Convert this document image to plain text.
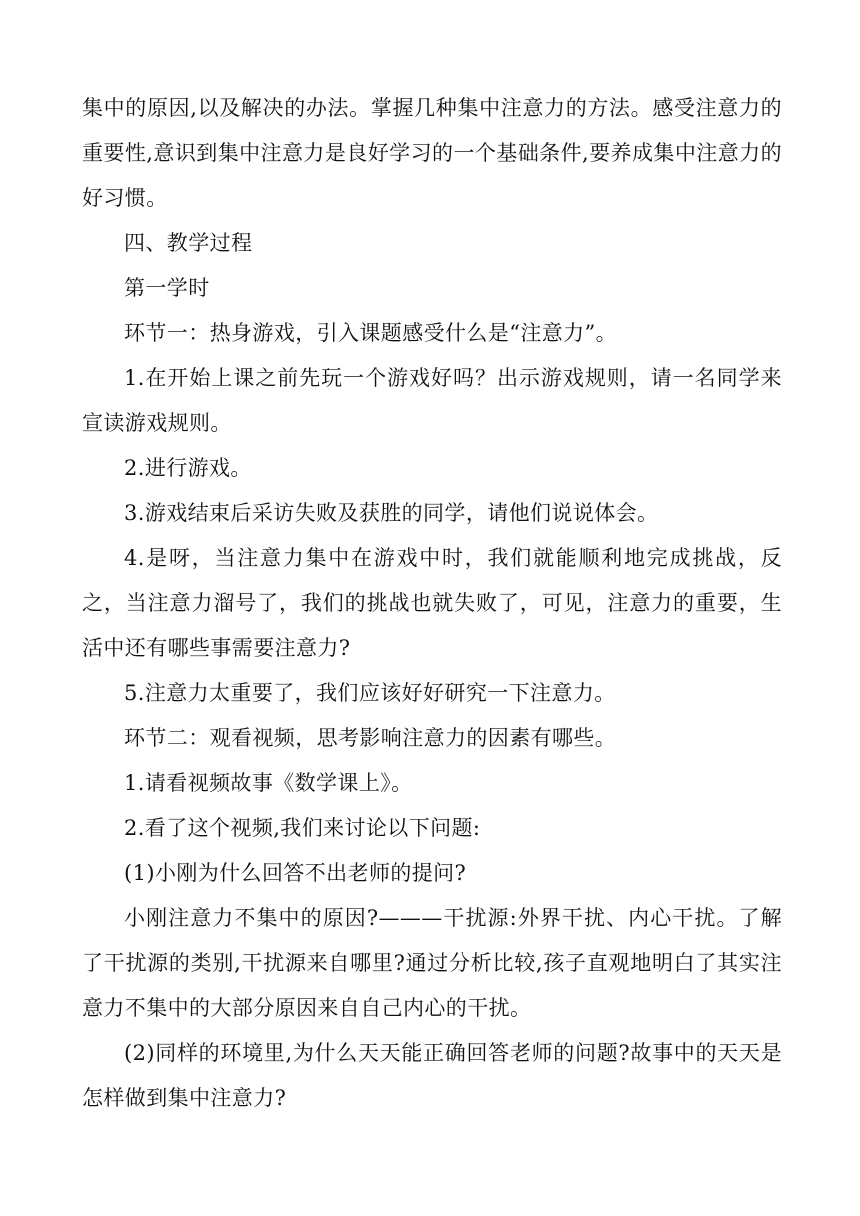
集中的原因,以及解决的办法。掌握几种集中注意力的方法。感受注意力的重要性,意识到集中注意力是良好学习的一个基础条件,要养成集中注意力的好习惯。

四、教学过程

第一学时

环节一：热身游戏，引入课题感受什么是“注意力”。

1.在开始上课之前先玩一个游戏好吗？出示游戏规则，请一名同学来宣读游戏规则。

2.进行游戏。

3.游戏结束后采访失败及获胜的同学，请他们说说体会。

4.是呀，当注意力集中在游戏中时，我们就能顺利地完成挑战，反之，当注意力溜号了，我们的挑战也就失败了，可见，注意力的重要，生活中还有哪些事需要注意力?

5.注意力太重要了，我们应该好好研究一下注意力。

环节二：观看视频，思考影响注意力的因素有哪些。

1.请看视频故事《数学课上》。

2.看了这个视频,我们来讨论以下问题:

(1)小刚为什么回答不出老师的提问?

小刚注意力不集中的原因?———干扰源:外界干扰、内心干扰。了解了干扰源的类别,干扰源来自哪里?通过分析比较,孩子直观地明白了其实注意力不集中的大部分原因来自自己内心的干扰。

(2)同样的环境里,为什么天天能正确回答老师的问题?故事中的天天是怎样做到集中注意力?
